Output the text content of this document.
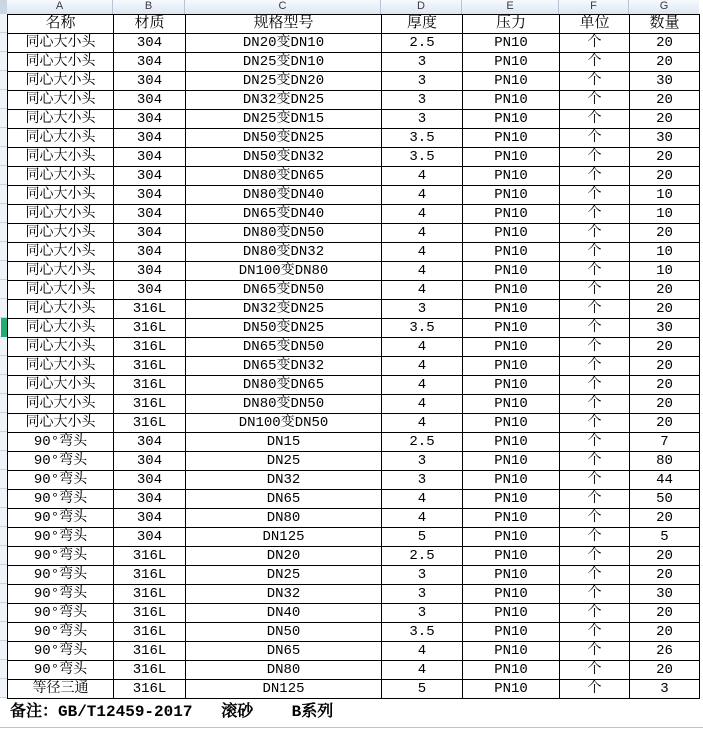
A	B	C	D	E	F	G
名称	材质	规格型号	厚度	压力	单位	数量
同心大小头	304	DN20变DN10	2.5	PN10	个	20
同心大小头	304	DN25变DN10	3	PN10	个	20
同心大小头	304	DN25变DN20	3	PN10	个	30
同心大小头	304	DN32变DN25	3	PN10	个	20
同心大小头	304	DN25变DN15	3	PN10	个	20
同心大小头	304	DN50变DN25	3.5	PN10	个	30
同心大小头	304	DN50变DN32	3.5	PN10	个	20
同心大小头	304	DN80变DN65	4	PN10	个	20
同心大小头	304	DN80变DN40	4	PN10	个	10
同心大小头	304	DN65变DN40	4	PN10	个	10
同心大小头	304	DN80变DN50	4	PN10	个	20
同心大小头	304	DN80变DN32	4	PN10	个	10
同心大小头	304	DN100变DN80	4	PN10	个	10
同心大小头	304	DN65变DN50	4	PN10	个	20
同心大小头	316L	DN32变DN25	3	PN10	个	20
同心大小头	316L	DN50变DN25	3.5	PN10	个	30
同心大小头	316L	DN65变DN50	4	PN10	个	20
同心大小头	316L	DN65变DN32	4	PN10	个	20
同心大小头	316L	DN80变DN65	4	PN10	个	20
同心大小头	316L	DN80变DN50	4	PN10	个	20
同心大小头	316L	DN100变DN50	4	PN10	个	20
90°弯头	304	DN15	2.5	PN10	个	7
90°弯头	304	DN25	3	PN10	个	80
90°弯头	304	DN32	3	PN10	个	44
90°弯头	304	DN65	4	PN10	个	50
90°弯头	304	DN80	4	PN10	个	20
90°弯头	304	DN125	5	PN10	个	5
90°弯头	316L	DN20	2.5	PN10	个	20
90°弯头	316L	DN25	3	PN10	个	20
90°弯头	316L	DN32	3	PN10	个	30
90°弯头	316L	DN40	3	PN10	个	20
90°弯头	316L	DN50	3.5	PN10	个	20
90°弯头	316L	DN65	4	PN10	个	26
90°弯头	316L	DN80	4	PN10	个	20
等径三通	316L	DN125	5	PN10	个	3
备注：GB/T12459-2017   滚砂    B系列
